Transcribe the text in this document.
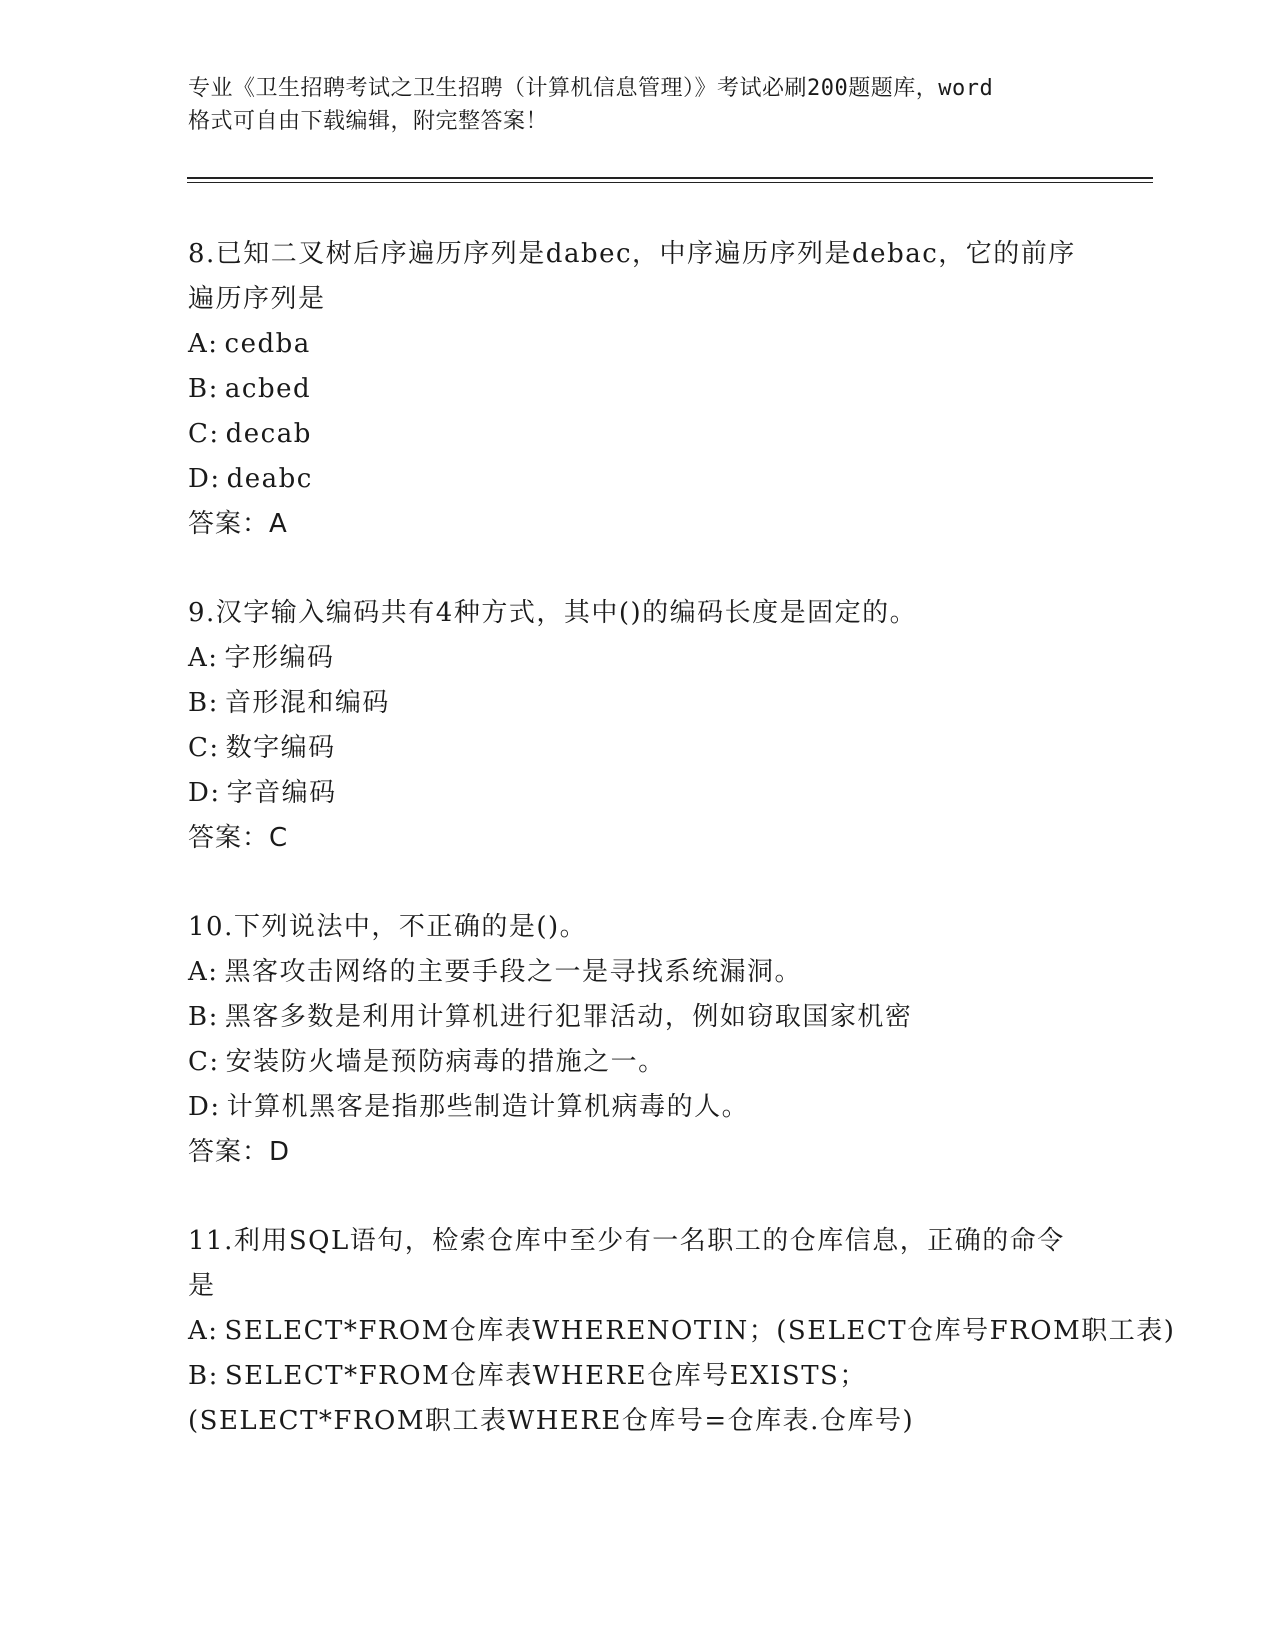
专业《卫生招聘考试之卫生招聘（计算机信息管理）》考试必刷200题题库，word
格式可自由下载编辑，附完整答案！

8.已知二叉树后序遍历序列是dabec，中序遍历序列是debac，它的前序遍历序列是

A: cedba

B: acbed

C: decab

D: deabc

答案：A

9.汉字输入编码共有4种方式，其中()的编码长度是固定的。

A: 字形编码

B: 音形混和编码

C: 数字编码

D: 字音编码

答案：C

10.下列说法中，不正确的是()。

A: 黑客攻击网络的主要手段之一是寻找系统漏洞。

B: 黑客多数是利用计算机进行犯罪活动，例如窃取国家机密

C: 安装防火墙是预防病毒的措施之一。

D: 计算机黑客是指那些制造计算机病毒的人。

答案：D

11.利用SQL语句，检索仓库中至少有一名职工的仓库信息，正确的命令是

A: SELECT*FROM仓库表WHERENOTIN；(SELECT仓库号FROM职工表)

B: SELECT*FROM仓库表WHERE仓库号EXISTS；(SELECT*FROM职工表WHERE仓库号=仓库表.仓库号)
